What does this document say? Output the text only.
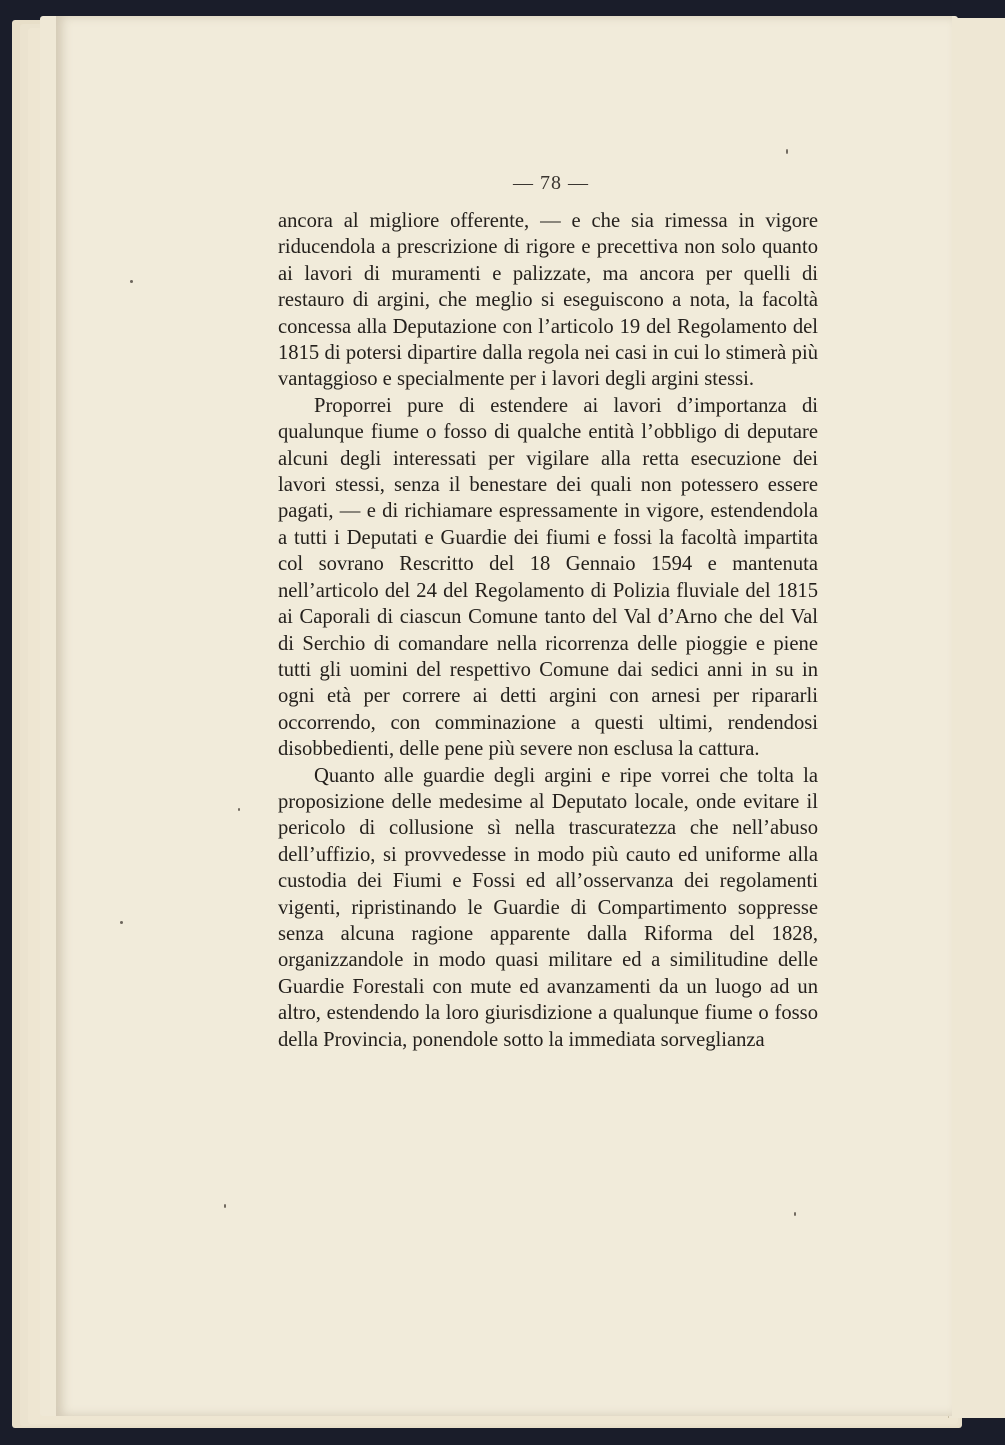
— 78 —

ancora al migliore offerente, — e che sia rimessa in vigore riducendola a prescrizione di rigore e precettiva non solo quanto ai lavori di muramenti e palizzate, ma ancora per quelli di restauro di argini, che meglio si eseguiscono a nota, la facoltà concessa alla Deputazione con l’articolo 19 del Regolamento del 1815 di potersi dipartire dalla regola nei casi in cui lo stimerà più vantaggioso e specialmente per i lavori degli argini stessi.

Proporrei pure di estendere ai lavori d’importanza di qualunque fiume o fosso di qualche entità l’obbligo di deputare alcuni degli interessati per vigilare alla retta esecuzione dei lavori stessi, senza il benestare dei quali non potessero essere pagati, — e di richiamare espressamente in vigore, estendendola a tutti i Deputati e Guardie dei fiumi e fossi la facoltà impartita col sovrano Rescritto del 18 Gennaio 1594 e mantenuta nell’articolo del 24 del Regolamento di Polizia fluviale del 1815 ai Caporali di ciascun Comune tanto del Val d’Arno che del Val di Serchio di comandare nella ricorrenza delle pioggie e piene tutti gli uomini del respettivo Comune dai sedici anni in su in ogni età per correre ai detti argini con arnesi per ripararli occorrendo, con comminazione a questi ultimi, rendendosi disobbedienti, delle pene più severe non esclusa la cattura.

Quanto alle guardie degli argini e ripe vorrei che tolta la proposizione delle medesime al Deputato locale, onde evitare il pericolo di collusione sì nella trascuratezza che nell’abuso dell’uffizio, si provvedesse in modo più cauto ed uniforme alla custodia dei Fiumi e Fossi ed all’osservanza dei regolamenti vigenti, ripristinando le Guardie di Compartimento soppresse senza alcuna ragione apparente dalla Riforma del 1828, organizzandole in modo quasi militare ed a similitudine delle Guardie Forestali con mute ed avanzamenti da un luogo ad un altro, estendendo la loro giurisdizione a qualunque fiume o fosso della Provincia, ponendole sotto la immediata sorveglianza
